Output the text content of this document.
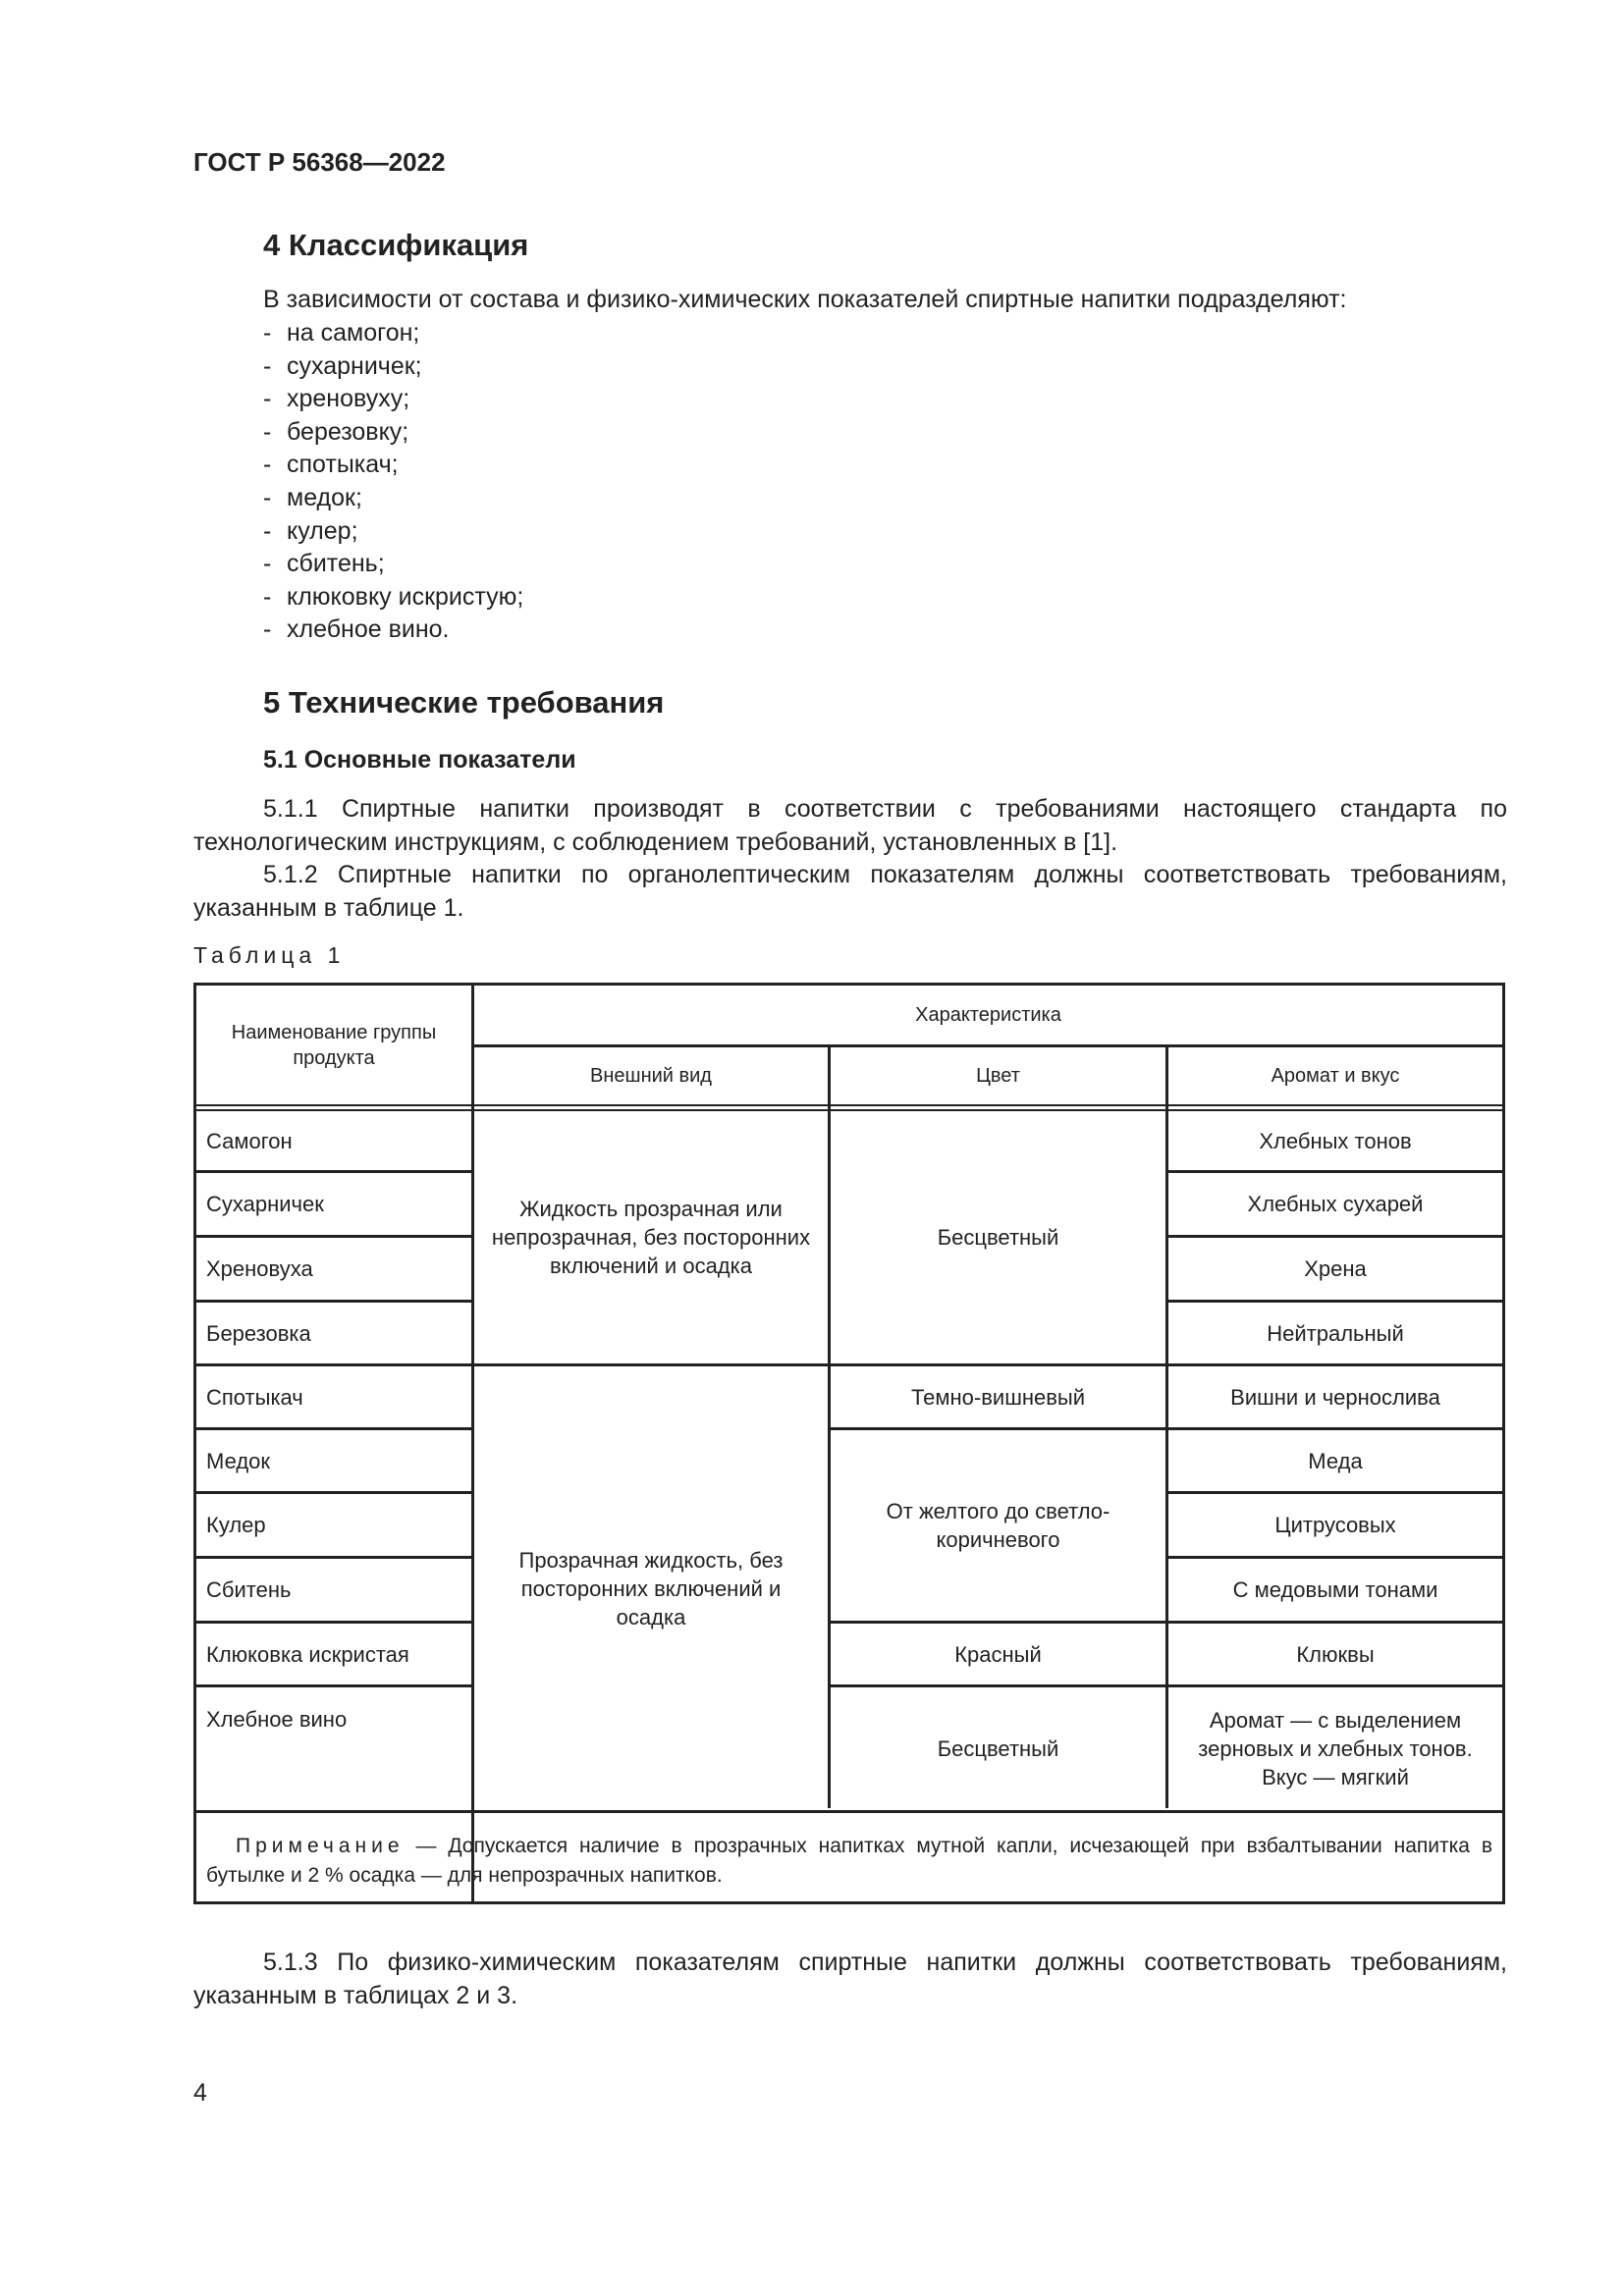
ГОСТ Р 56368—2022
4 Классификация
В зависимости от состава и физико-химических показателей спиртные напитки подразделяют:
- на самогон;
- сухарничек;
- хреновуху;
- березовку;
- спотыкач;
- медок;
- кулер;
- сбитень;
- клюковку искристую;
- хлебное вино.
5 Технические требования
5.1 Основные показатели
5.1.1 Спиртные напитки производят в соответствии с требованиями настоящего стандарта по технологическим инструкциям, с соблюдением требований, установленных в [1].
5.1.2 Спиртные напитки по органолептическим показателям должны соответствовать требованиям, указанным в таблице 1.
Таблица 1
Наименование группы продукта
Характеристика
Внешний вид	Цвет	Аромат и вкус
Самогон
Сухарничек
Хреновуха
Березовка
Спотыкач
Медок
Кулер
Сбитень
Клюковка искристая
Хлебное вино
Жидкость прозрачная или непрозрачная, без посторонних включений и осадка
Прозрачная жидкость, без посторонних включений и осадка
Бесцветный
Темно-вишневый
От желтого до светло-коричневого
Красный
Бесцветный
Хлебных тонов
Хлебных сухарей
Хрена
Нейтральный
Вишни и чернослива
Меда
Цитрусовых
С медовыми тонами
Клюквы
Аромат — с выделением зерновых и хлебных тонов. Вкус — мягкий
Примечание — Допускается наличие в прозрачных напитках мутной капли, исчезающей при взбалтывании напитка в бутылке и 2 % осадка — для непрозрачных напитков.
5.1.3 По физико-химическим показателям спиртные напитки должны соответствовать требованиям, указанным в таблицах 2 и 3.
4
